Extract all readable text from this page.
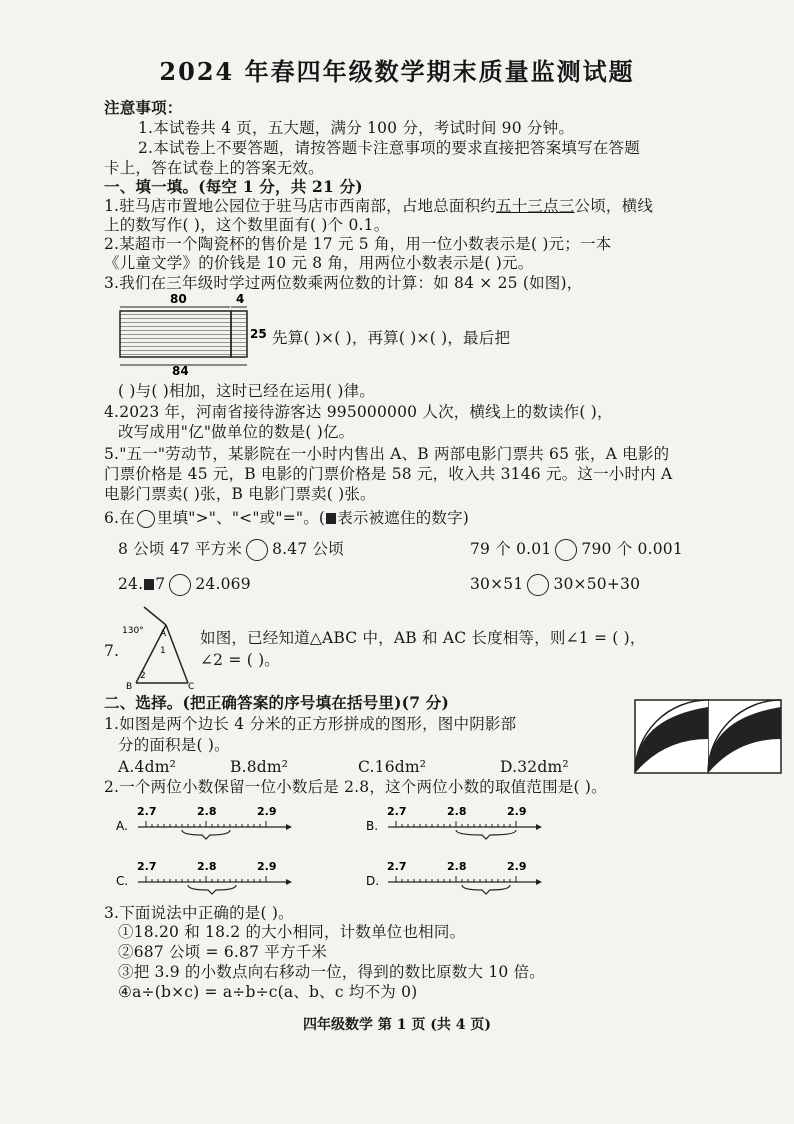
2024 年春四年级数学期末质量监测试题
注意事项：
1.本试卷共 4 页，五大题，满分 100 分，考试时间 90 分钟。
2.本试卷上不要答题，请按答题卡注意事项的要求直接把答案填写在答题
卡上，答在试卷上的答案无效。
一、填一填。(每空 1 分，共 21 分)
1.驻马店市置地公园位于驻马店市西南部，占地总面积约五十三点三公顷，横线
上的数写作( )，这个数里面有( )个 0.1。
2.某超市一个陶瓷杯的售价是 17 元 5 角，用一位小数表示是( )元；一本
《儿童文学》的价钱是 10 元 8 角，用两位小数表示是( )元。
3.我们在三年级时学过两位数乘两位数的计算：如 84 × 25 (如图)，
80	4
25
84
先算( )×( )，再算( )×( )，最后把
( )与( )相加，这时已经在运用( )律。
4.2023 年，河南省接待游客达 995000000 人次，横线上的数读作( )，
改写成用"亿"做单位的数是( )亿。
5."五一"劳动节，某影院在一小时内售出 A、B 两部电影门票共 65 张，A 电影的
门票价格是 45 元，B 电影的门票价格是 58 元，收入共 3146 元。这一小时内 A
电影门票卖( )张，B 电影门票卖( )张。
6.在 里填">"、"<"或"="。( 表示被遮住的数字)
8 公顷 47 平方米 8.47 公顷	79 个 0.01 790 个 0.001
24. 7 24.069	30×51 30×50+30
7.
130° A
1
2
B	C
如图，已经知道△ABC 中，AB 和 AC 长度相等，则∠1 = ( )，
∠2 = ( )。
二、选择。(把正确答案的序号填在括号里)(7 分)
1.如图是两个边长 4 分米的正方形拼成的图形，图中阴影部
分的面积是( )。
A.4dm²	B.8dm²	C.16dm²	D.32dm²
2.一个两位小数保留一位小数后是 2.8，这个两位小数的取值范围是( )。
A.
2.7	2.8	2.9
B.
2.7	2.8	2.9
C.
2.7	2.8	2.9
D.
2.7	2.8	2.9
3.下面说法中正确的是( )。
①18.20 和 18.2 的大小相同，计数单位也相同。
②687 公顷 = 6.87 平方千米
③把 3.9 的小数点向右移动一位，得到的数比原数大 10 倍。
④a÷(b×c) = a÷b÷c(a、b、c 均不为 0)
四年级数学 第 1 页 (共 4 页)
